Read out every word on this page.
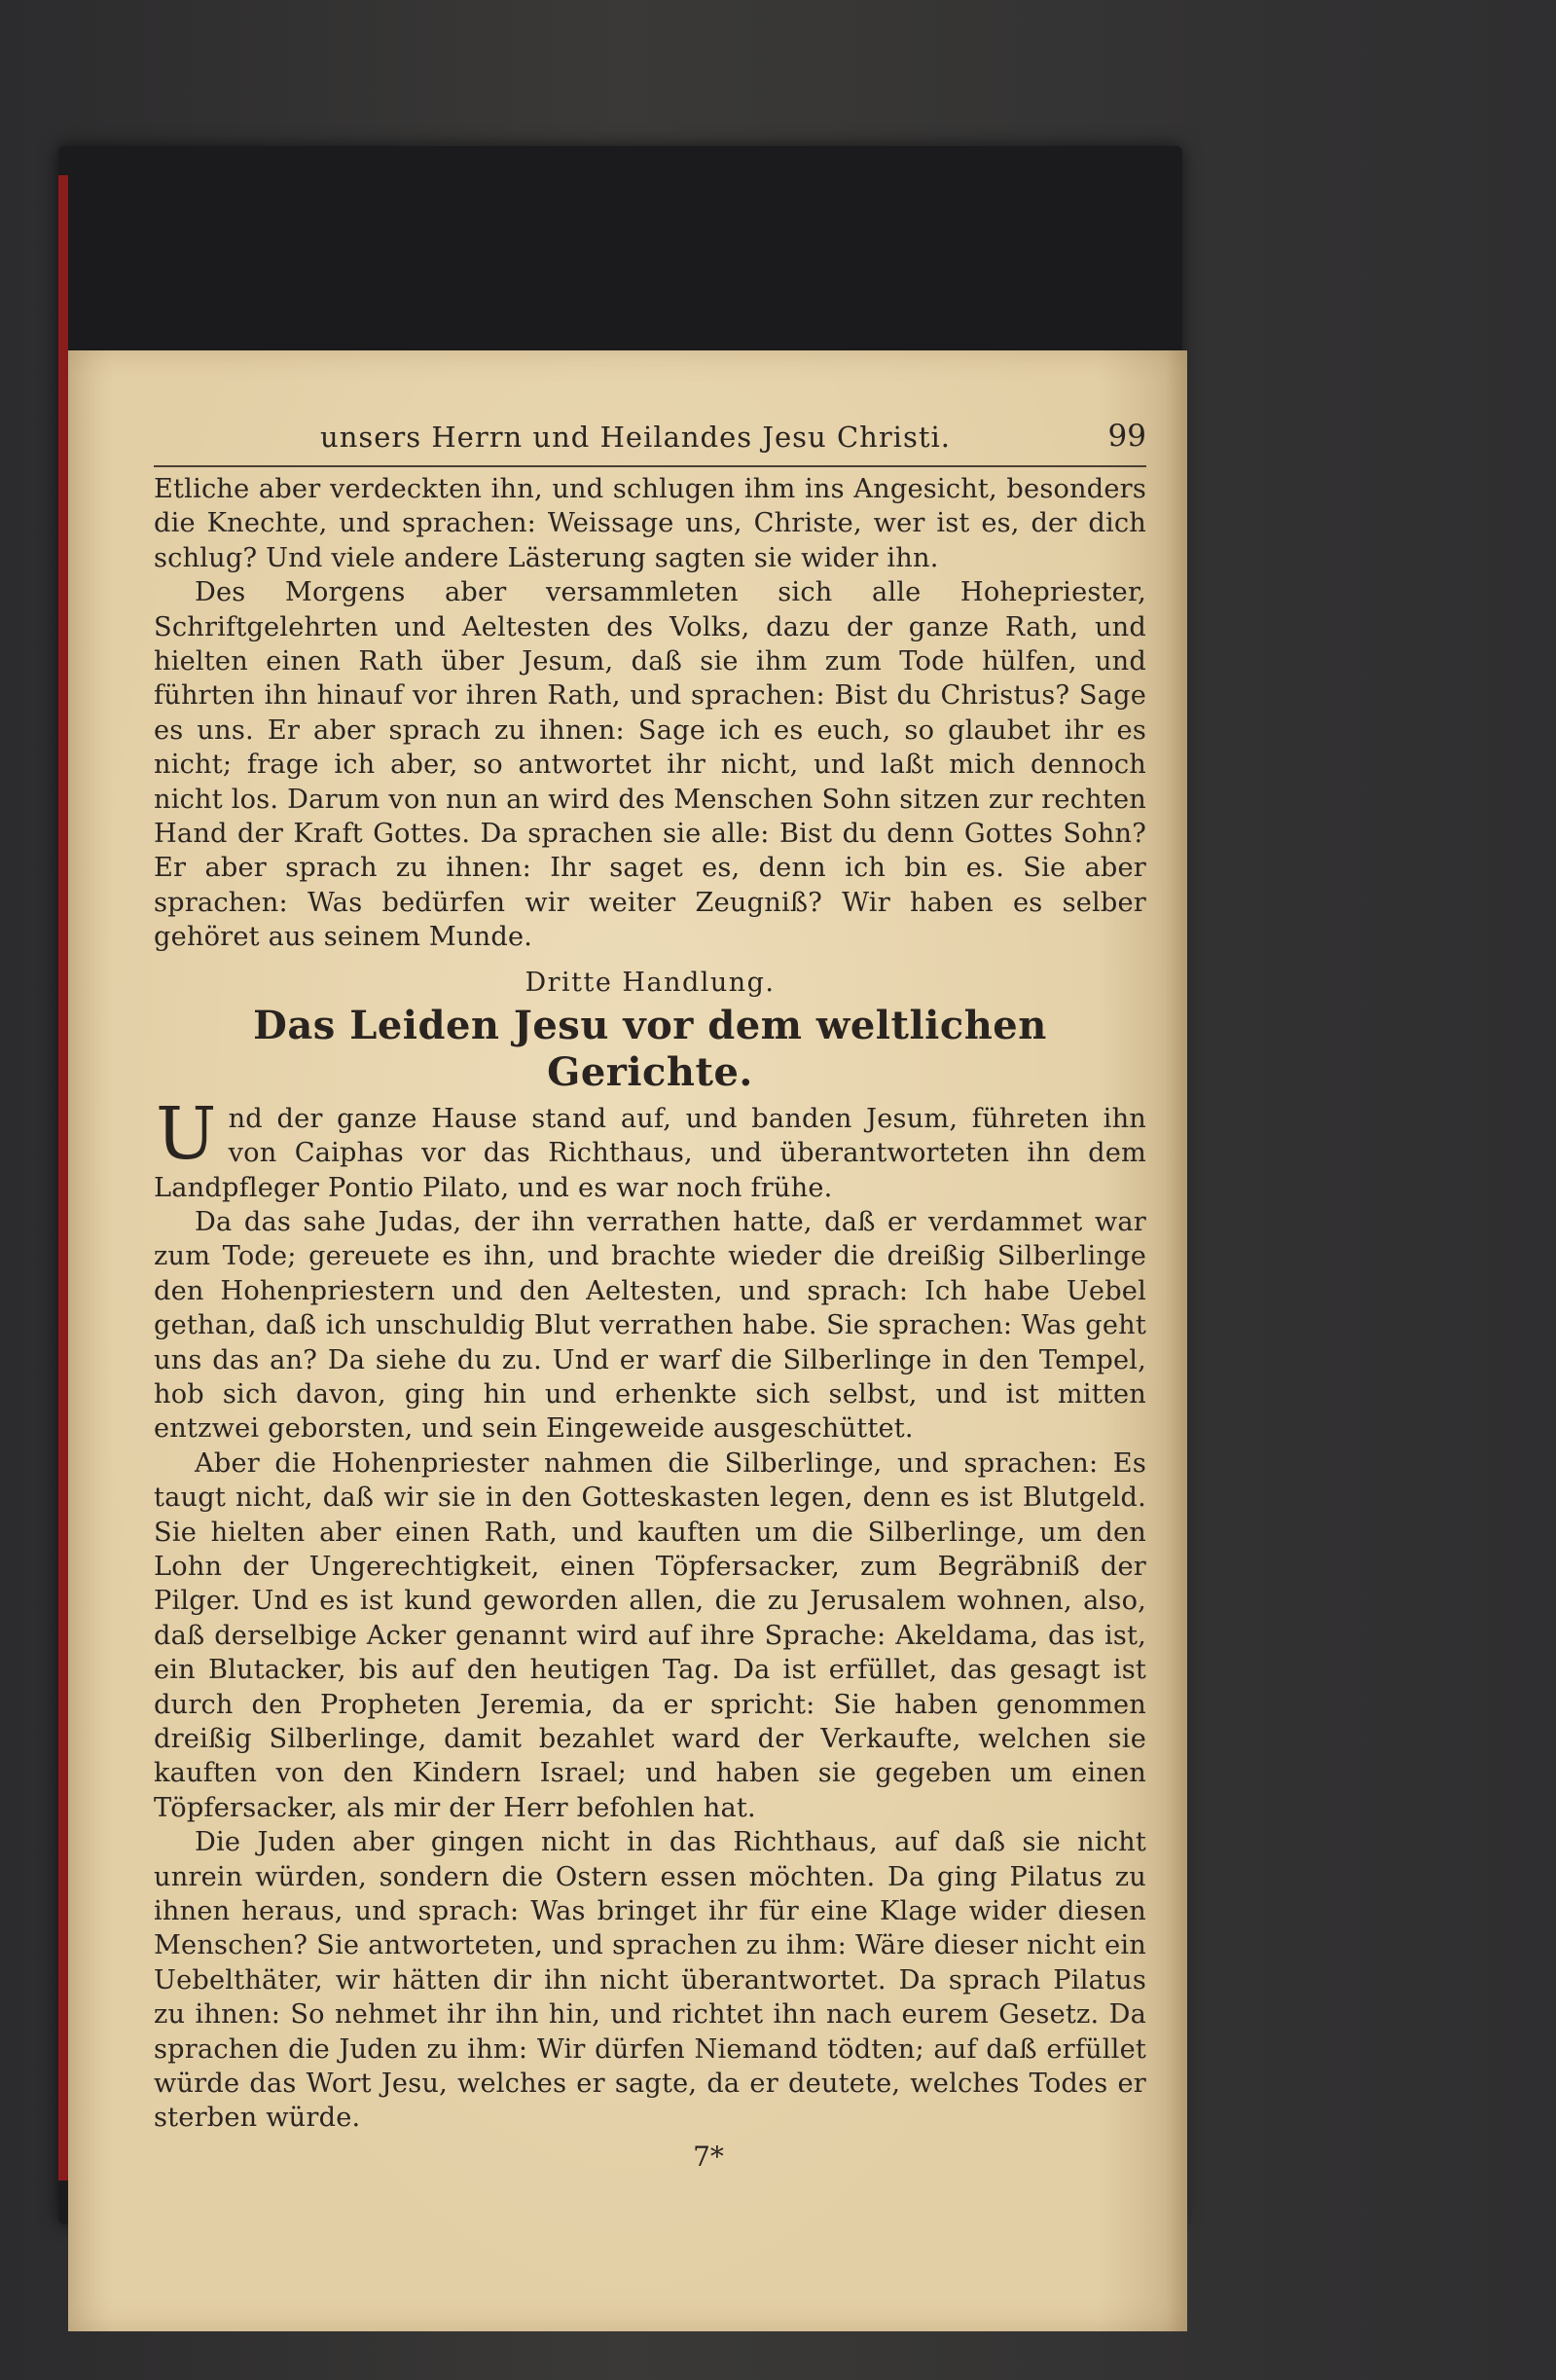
unsers Herrn und Heilandes Jesu Christi.	99

Etliche aber verdeckten ihn, und schlugen ihm ins Angesicht, besonders die Knechte, und sprachen: Weissage uns, Christe, wer ist es, der dich schlug? Und viele andere Lästerung sagten sie wider ihn.

Des Morgens aber versammleten sich alle Hohepriester, Schriftgelehrten und Aeltesten des Volks, dazu der ganze Rath, und hielten einen Rath über Jesum, daß sie ihm zum Tode hülfen, und führten ihn hinauf vor ihren Rath, und sprachen: Bist du Christus? Sage es uns. Er aber sprach zu ihnen: Sage ich es euch, so glaubet ihr es nicht; frage ich aber, so antwortet ihr nicht, und laßt mich dennoch nicht los. Darum von nun an wird des Menschen Sohn sitzen zur rechten Hand der Kraft Gottes. Da sprachen sie alle: Bist du denn Gottes Sohn? Er aber sprach zu ihnen: Ihr saget es, denn ich bin es. Sie aber sprachen: Was bedürfen wir weiter Zeugniß? Wir haben es selber gehöret aus seinem Munde.

Dritte Handlung.
Das Leiden Jesu vor dem weltlichen Gerichte.

Und der ganze Hause stand auf, und banden Jesum, führeten ihn von Caiphas vor das Richthaus, und überantworteten ihn dem Landpfleger Pontio Pilato, und es war noch frühe.

Da das sahe Judas, der ihn verrathen hatte, daß er verdammet war zum Tode; gereuete es ihn, und brachte wieder die dreißig Silberlinge den Hohenpriestern und den Aeltesten, und sprach: Ich habe Uebel gethan, daß ich unschuldig Blut verrathen habe. Sie sprachen: Was geht uns das an? Da siehe du zu. Und er warf die Silberlinge in den Tempel, hob sich davon, ging hin und erhenkte sich selbst, und ist mitten entzwei geborsten, und sein Eingeweide ausgeschüttet.

Aber die Hohenpriester nahmen die Silberlinge, und sprachen: Es taugt nicht, daß wir sie in den Gotteskasten legen, denn es ist Blutgeld. Sie hielten aber einen Rath, und kauften um die Silberlinge, um den Lohn der Ungerechtigkeit, einen Töpfersacker, zum Begräbniß der Pilger. Und es ist kund geworden allen, die zu Jerusalem wohnen, also, daß derselbige Acker genannt wird auf ihre Sprache: Akeldama, das ist, ein Blutacker, bis auf den heutigen Tag. Da ist erfüllet, das gesagt ist durch den Propheten Jeremia, da er spricht: Sie haben genommen dreißig Silberlinge, damit bezahlet ward der Verkaufte, welchen sie kauften von den Kindern Israel; und haben sie gegeben um einen Töpfersacker, als mir der Herr befohlen hat.

Die Juden aber gingen nicht in das Richthaus, auf daß sie nicht unrein würden, sondern die Ostern essen möchten. Da ging Pilatus zu ihnen heraus, und sprach: Was bringet ihr für eine Klage wider diesen Menschen? Sie antworteten, und sprachen zu ihm: Wäre dieser nicht ein Uebelthäter, wir hätten dir ihn nicht überantwortet. Da sprach Pilatus zu ihnen: So nehmet ihr ihn hin, und richtet ihn nach eurem Gesetz. Da sprachen die Juden zu ihm: Wir dürfen Niemand tödten; auf daß erfüllet würde das Wort Jesu, welches er sagte, da er deutete, welches Todes er sterben würde.

7*
